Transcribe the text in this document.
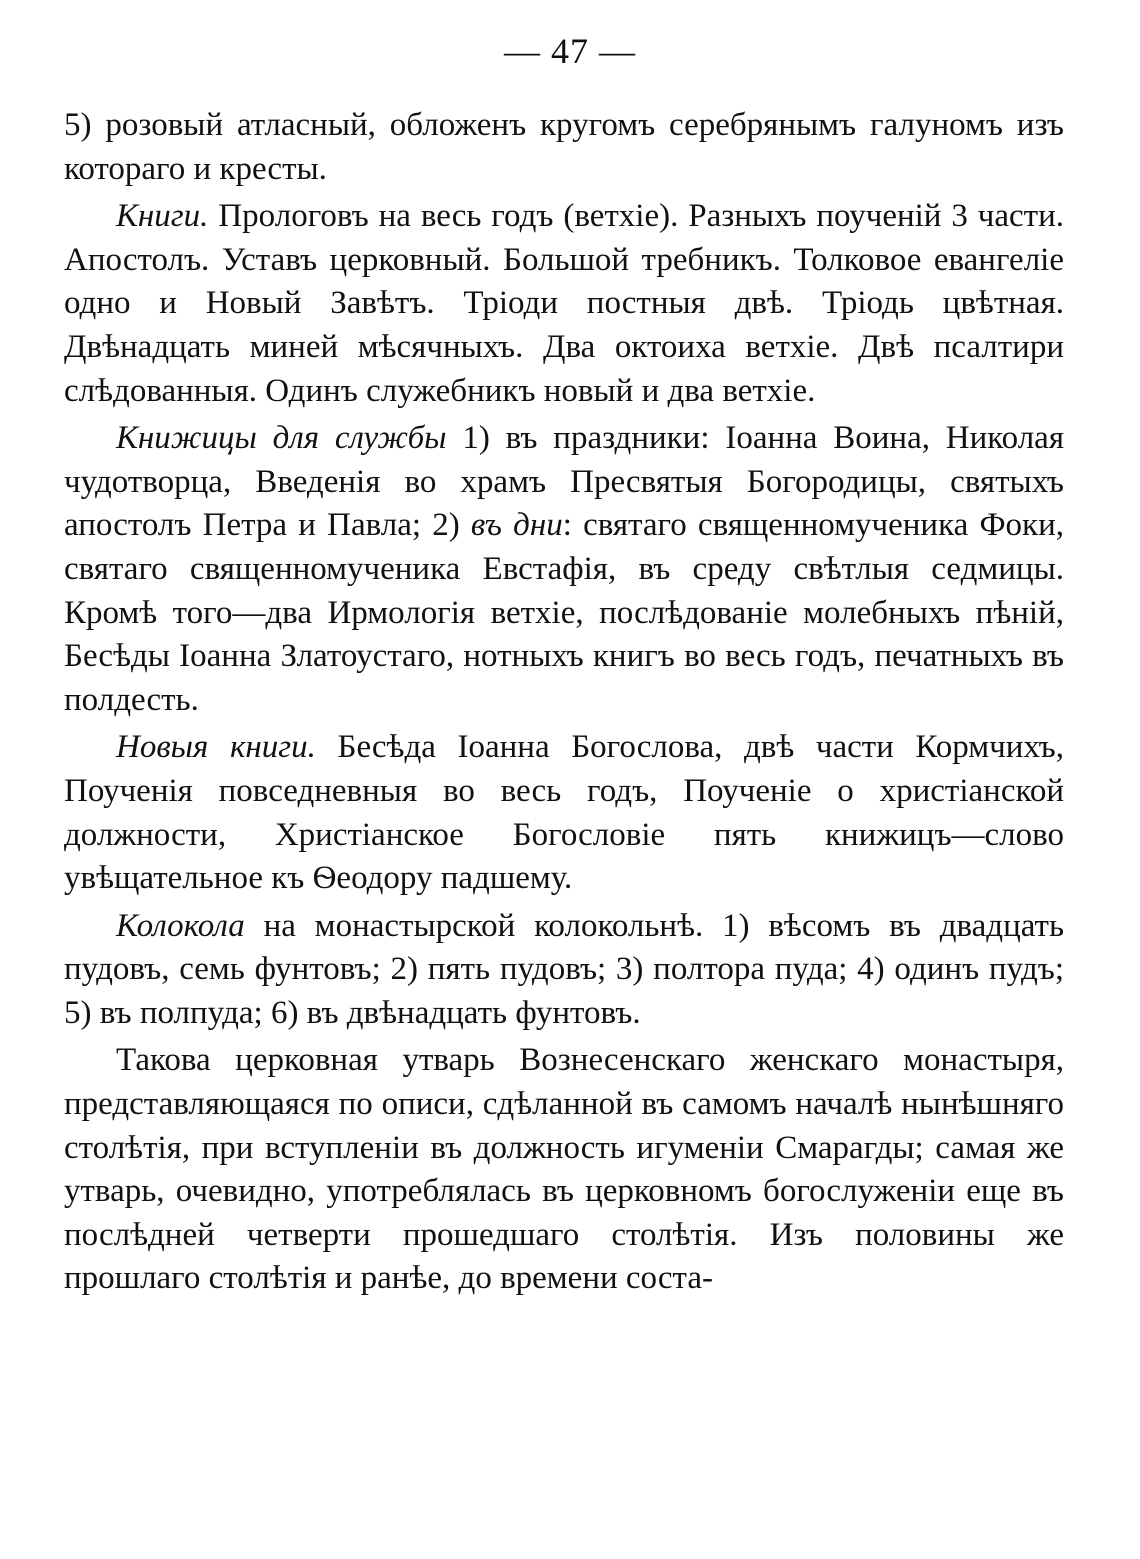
— 47 —

5) розовый атласный, обложенъ кругомъ серебрянымъ галуномъ изъ котораго и кресты.

Книги. Прологовъ на весь годъ (ветхіе). Разныхъ поученій 3 части. Апостолъ. Уставъ церковный. Большой требникъ. Толковое евангеліе одно и Новый Завѣтъ. Тріоди постныя двѣ. Тріодь цвѣтная. Двѣнадцать миней мѣсячныхъ. Два октоиха ветхіе. Двѣ псалтири слѣдованныя. Одинъ служебникъ новый и два ветхіе.

Книжицы для службы 1) въ праздники: Іоанна Воина, Николая чудотворца, Введенія во храмъ Пресвятыя Богородицы, святыхъ апостолъ Петра и Павла; 2) въ дни: святаго священномученика Фоки, святаго священномученика Евстафія, въ среду свѣтлыя седмицы. Кромѣ того—два Ирмологія ветхіе, послѣдованіе молебныхъ пѣній, Бесѣды Іоанна Златоустаго, нотныхъ книгъ во весь годъ, печатныхъ въ полдесть.

Новыя книги. Бесѣда Іоанна Богослова, двѣ части Кормчихъ, Поученія повседневныя во весь годъ, Поученіе о христіанской должности, Христіанское Богословіе пять книжицъ—слово увѣщательное къ Ѳеодору падшему.

Колокола на монастырской колокольнѣ. 1) вѣсомъ въ двадцать пудовъ, семь фунтовъ; 2) пять пудовъ; 3) полтора пуда; 4) одинъ пудъ; 5) въ полпуда; 6) въ двѣнадцать фунтовъ.

Такова церковная утварь Вознесенскаго женскаго монастыря, представляющаяся по описи, сдѣланной въ самомъ началѣ нынѣшняго столѣтія, при вступленіи въ должность игумeніи Смарагды; самая же утварь, очевидно, употреблялась въ церковномъ богослуженіи еще въ послѣдней четверти прошедшаго столѣтія. Изъ половины же прошлаго столѣтія и ранѣе, до времени соста-
